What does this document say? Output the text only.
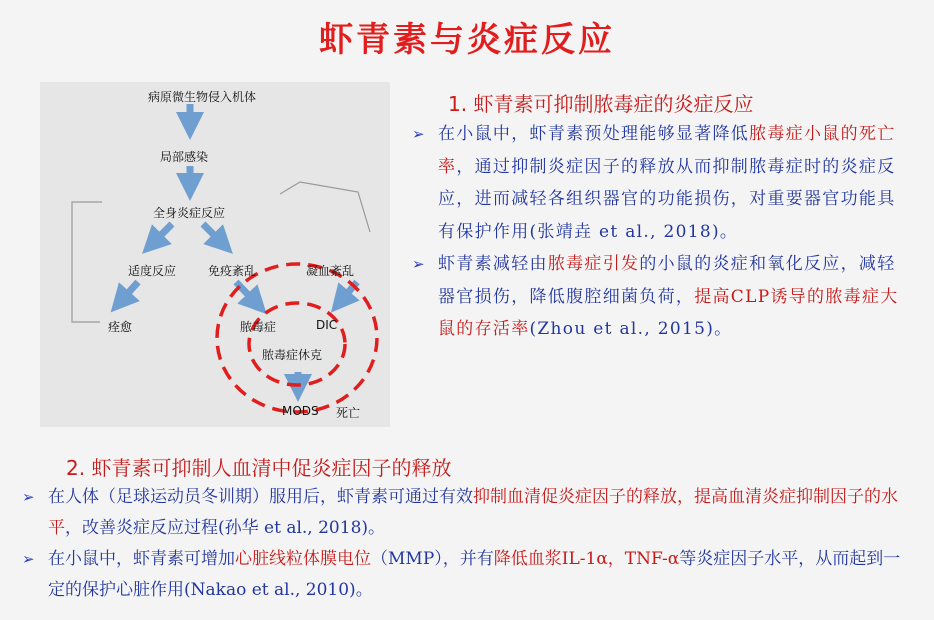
虾青素与炎症反应
病原微生物侵入机体
局部感染
全身炎症反应
适度反应	免疫紊乱	凝血紊乱
痊愈	脓毒症	DIC
脓毒症休克
MODS 死亡
1. 虾青素可抑制脓毒症的炎症反应
➢ 在小鼠中，虾青素预处理能够显著降低脓毒症小鼠的死亡率，通过抑制炎症因子的释放从而抑制脓毒症时的炎症反应，进而减轻各组织器官的功能损伤，对重要器官功能具有保护作用(张靖垚 et al., 2018)。
➢ 虾青素减轻由脓毒症引发的小鼠的炎症和氧化反应，减轻器官损伤，降低腹腔细菌负荷，提高CLP诱导的脓毒症大鼠的存活率(Zhou et al., 2015)。
2. 虾青素可抑制人血清中促炎症因子的释放
➢ 在人体（足球运动员冬训期）服用后，虾青素可通过有效抑制血清促炎症因子的释放，提高血清炎症抑制因子的水平，改善炎症反应过程(孙华 et al., 2018)。
➢ 在小鼠中，虾青素可增加心脏线粒体膜电位（MMP），并有降低血浆IL-1α，TNF-α等炎症因子水平，从而起到一定的保护心脏作用(Nakao et al., 2010)。
